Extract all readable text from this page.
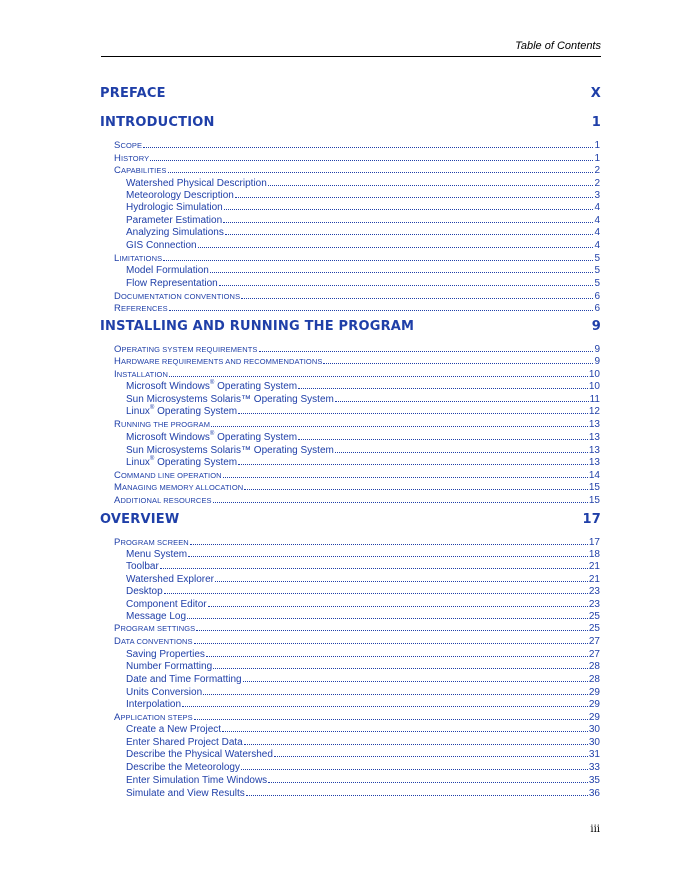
Table of Contents
PREFACE	X
INTRODUCTION	1
SCOPE	1
HISTORY	1
CAPABILITIES	2
Watershed Physical Description	2
Meteorology Description	3
Hydrologic Simulation	4
Parameter Estimation	4
Analyzing Simulations	4
GIS Connection	4
LIMITATIONS	5
Model Formulation	5
Flow Representation	5
DOCUMENTATION CONVENTIONS	6
REFERENCES	6
INSTALLING AND RUNNING THE PROGRAM	9
OPERATING SYSTEM REQUIREMENTS	9
HARDWARE REQUIREMENTS AND RECOMMENDATIONS	9
INSTALLATION	10
Microsoft Windows® Operating System	10
Sun Microsystems Solaris™ Operating System	11
Linux® Operating System	12
RUNNING THE PROGRAM	13
Microsoft Windows® Operating System	13
Sun Microsystems Solaris™ Operating System	13
Linux® Operating System	13
COMMAND LINE OPERATION	14
MANAGING MEMORY ALLOCATION	15
ADDITIONAL RESOURCES	15
OVERVIEW	17
PROGRAM SCREEN	17
Menu System	18
Toolbar	21
Watershed Explorer	21
Desktop	23
Component Editor	23
Message Log	25
PROGRAM SETTINGS	25
DATA CONVENTIONS	27
Saving Properties	27
Number Formatting	28
Date and Time Formatting	28
Units Conversion	29
Interpolation	29
APPLICATION STEPS	29
Create a New Project	30
Enter Shared Project Data	30
Describe the Physical Watershed	31
Describe the Meteorology	33
Enter Simulation Time Windows	35
Simulate and View Results	36
iii
